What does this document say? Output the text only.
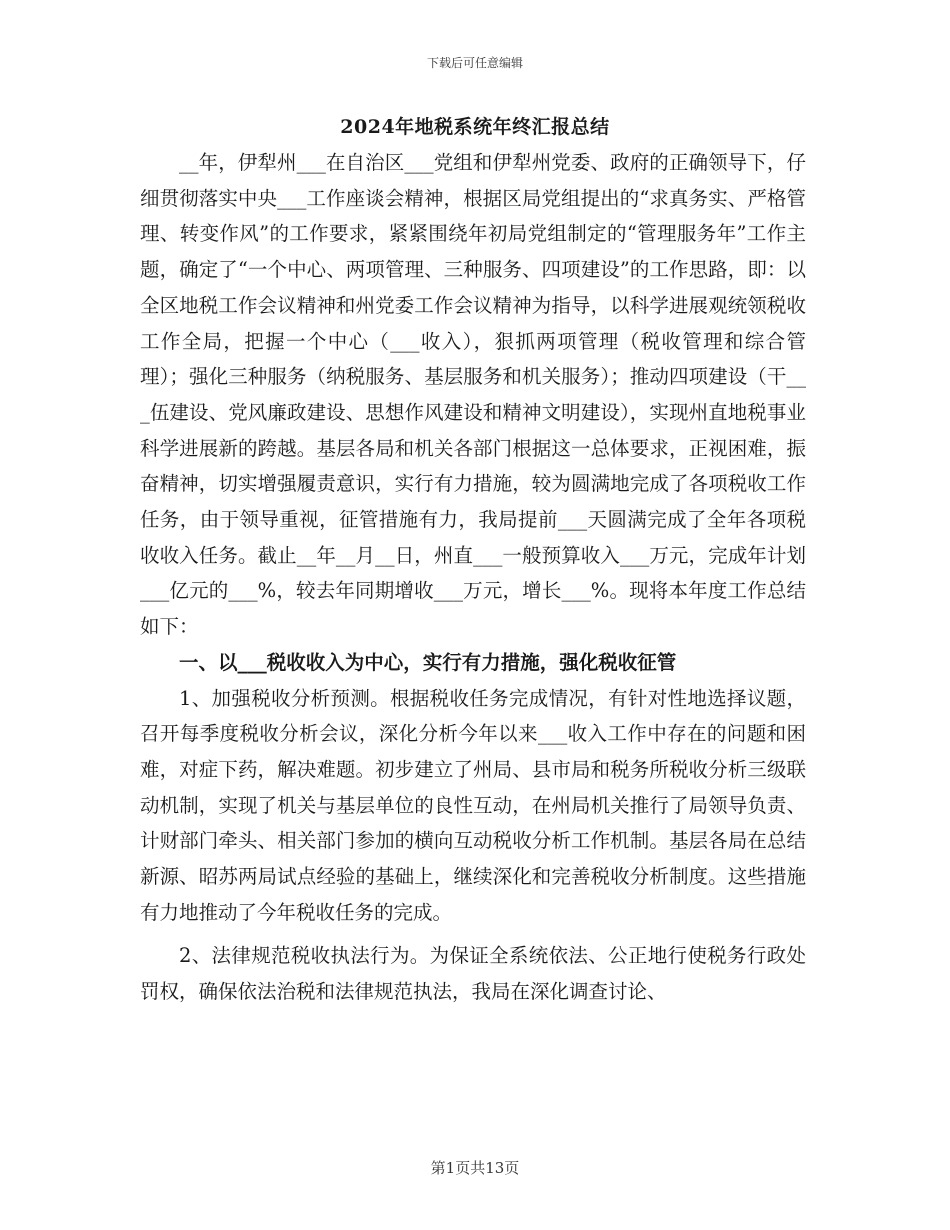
下载后可任意编辑
2024年地税系统年终汇报总结

__年，伊犁州___在自治区___党组和伊犁州党委、政府的正确领导下，仔细贯彻落实中央___工作座谈会精神，根据区局党组提出的“求真务实、严格管理、转变作风”的工作要求，紧紧围绕年初局党组制定的“管理服务年”工作主题，确定了“一个中心、两项管理、三种服务、四项建设”的工作思路，即：以全区地税工作会议精神和州党委工作会议精神为指导，以科学进展观统领税收工作全局，把握一个中心（___收入），狠抓两项管理（税收管理和综合管理）；强化三种服务（纳税服务、基层服务和机关服务）；推动四项建设（干___伍建设、党风廉政建设、思想作风建设和精神文明建设），实现州直地税事业科学进展新的跨越。基层各局和机关各部门根据这一总体要求，正视困难，振奋精神，切实增强履责意识，实行有力措施，较为圆满地完成了各项税收工作任务，由于领导重视，征管措施有力，我局提前___天圆满完成了全年各项税收收入任务。截止__年__月__日，州直___一般预算收入___万元，完成年计划___亿元的___%，较去年同期增收___万元，增长___%。现将本年度工作总结如下：

一、以___税收收入为中心，实行有力措施，强化税收征管

1、加强税收分析预测。根据税收任务完成情况，有针对性地选择议题，召开每季度税收分析会议，深化分析今年以来___收入工作中存在的问题和困难，对症下药，解决难题。初步建立了州局、县市局和税务所税收分析三级联动机制，实现了机关与基层单位的良性互动，在州局机关推行了局领导负责、计财部门牵头、相关部门参加的横向互动税收分析工作机制。基层各局在总结新源、昭苏两局试点经验的基础上，继续深化和完善税收分析制度。这些措施有力地推动了今年税收任务的完成。

2、法律规范税收执法行为。为保证全系统依法、公正地行使税务行政处罚权，确保依法治税和法律规范执法，我局在深化调查讨论、

第1页共13页
